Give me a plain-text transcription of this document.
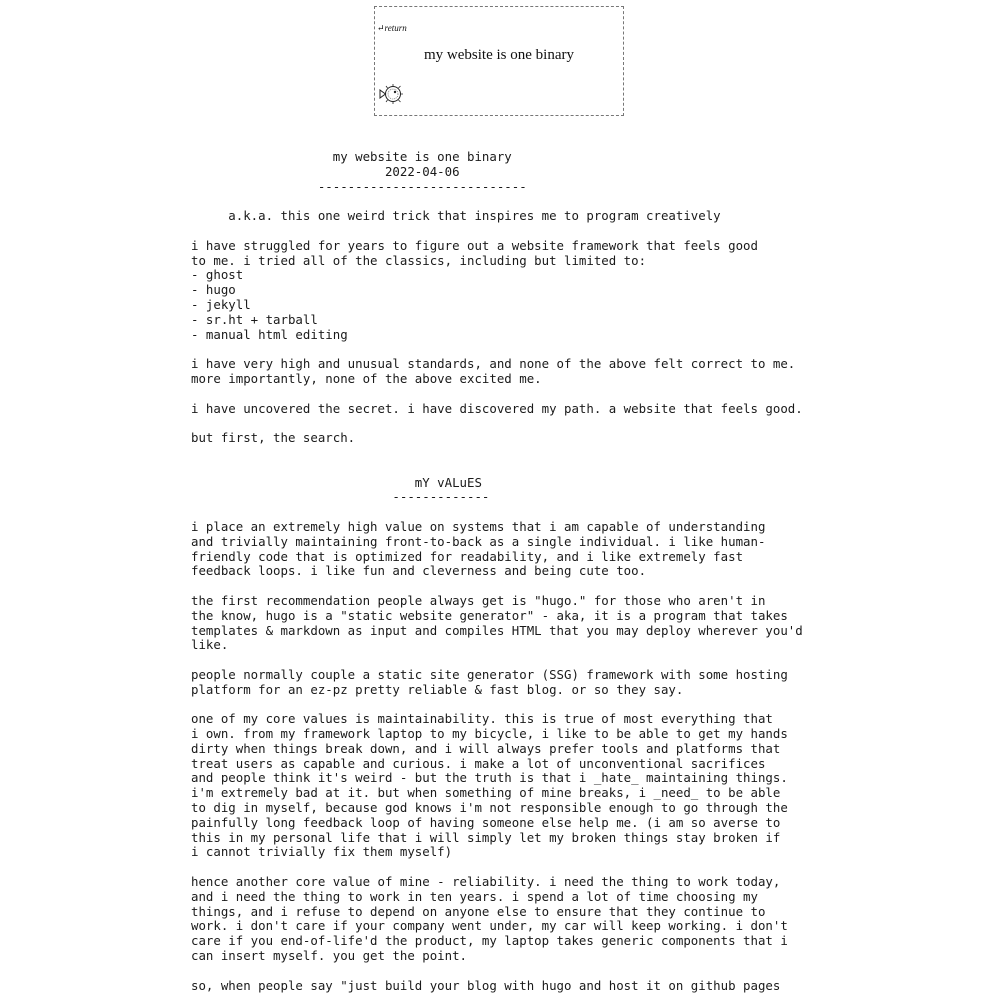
↵return
my website is one binary
my website is one binary
2022-04-06
----------------------------

a.k.a. this one weird trick that inspires me to program creatively

i have struggled for years to figure out a website framework that feels good
to me. i tried all of the classics, including but limited to:
- ghost
- hugo
- jekyll
- sr.ht + tarball
- manual html editing

i have very high and unusual standards, and none of the above felt correct to me.
more importantly, none of the above excited me.

i have uncovered the secret. i have discovered my path. a website that feels good.

but first, the search.

mY vALuES
-------------

i place an extremely high value on systems that i am capable of understanding
and trivially maintaining front-to-back as a single individual. i like human-
friendly code that is optimized for readability, and i like extremely fast
feedback loops. i like fun and cleverness and being cute too.

the first recommendation people always get is "hugo." for those who aren't in
the know, hugo is a "static website generator" - aka, it is a program that takes
templates & markdown as input and compiles HTML that you may deploy wherever you'd
like.

people normally couple a static site generator (SSG) framework with some hosting
platform for an ez-pz pretty reliable & fast blog. or so they say.

one of my core values is maintainability. this is true of most everything that
i own. from my framework laptop to my bicycle, i like to be able to get my hands
dirty when things break down, and i will always prefer tools and platforms that
treat users as capable and curious. i make a lot of unconventional sacrifices
and people think it's weird - but the truth is that i _hate_ maintaining things.
i'm extremely bad at it. but when something of mine breaks, i _need_ to be able
to dig in myself, because god knows i'm not responsible enough to go through the
painfully long feedback loop of having someone else help me. (i am so averse to
this in my personal life that i will simply let my broken things stay broken if
i cannot trivially fix them myself)

hence another core value of mine - reliability. i need the thing to work today,
and i need the thing to work in ten years. i spend a lot of time choosing my
things, and i refuse to depend on anyone else to ensure that they continue to
work. i don't care if your company went under, my car will keep working. i don't
care if you end-of-life'd the product, my laptop takes generic components that i
can insert myself. you get the point.

so, when people say "just build your blog with hugo and host it on github pages
